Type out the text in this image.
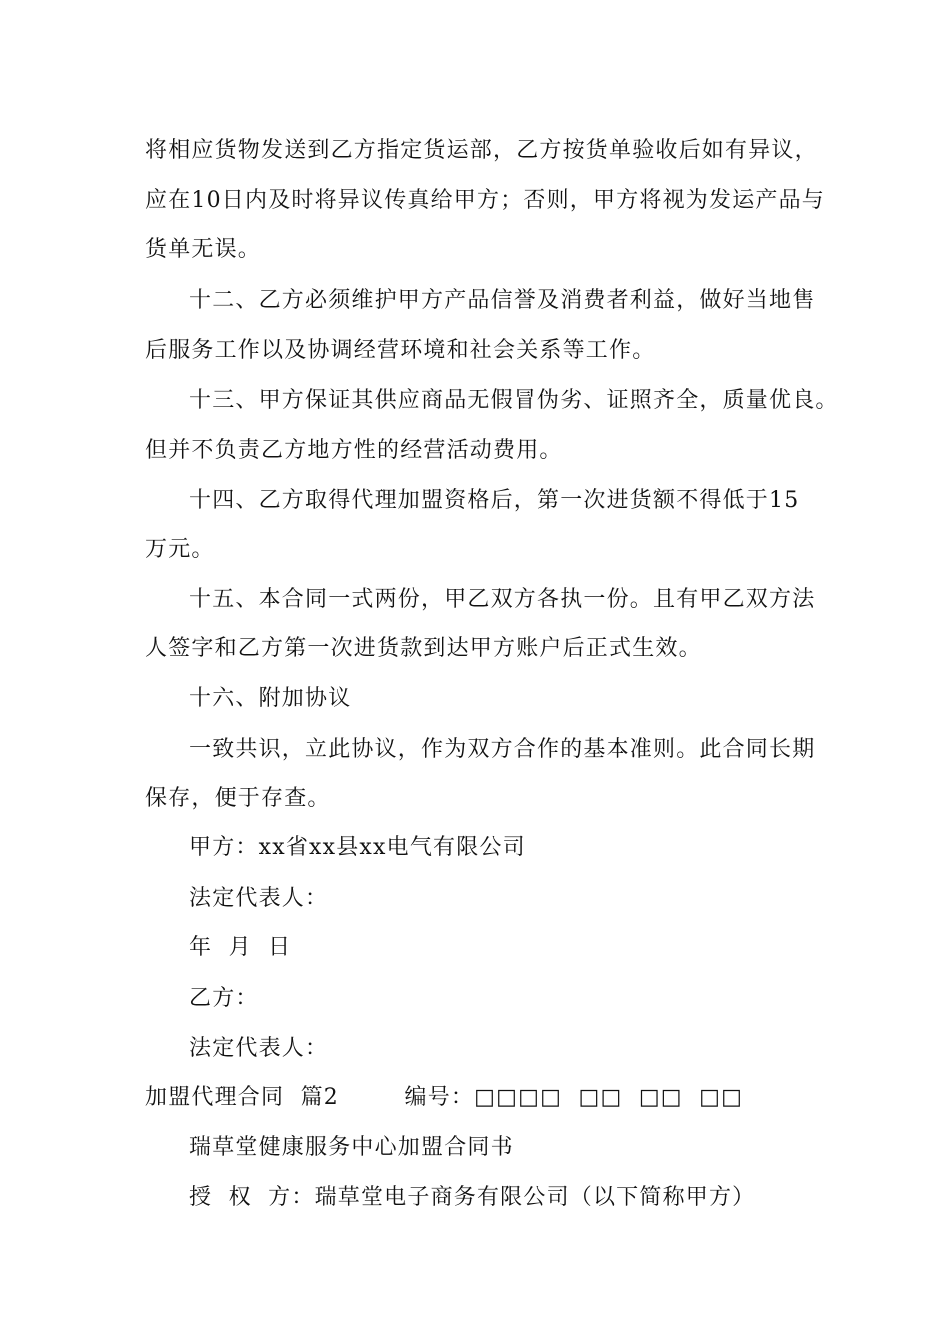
将相应货物发送到乙方指定货运部，乙方按货单验收后如有异议，
应在10日内及时将异议传真给甲方；否则，甲方将视为发运产品与
货单无误。
十二、乙方必须维护甲方产品信誉及消费者利益，做好当地售
后服务工作以及协调经营环境和社会关系等工作。
十三、甲方保证其供应商品无假冒伪劣、证照齐全，质量优良。
但并不负责乙方地方性的经营活动费用。
十四、乙方取得代理加盟资格后，第一次进货额不得低于15
万元。
十五、本合同一式两份，甲乙双方各执一份。且有甲乙双方法
人签字和乙方第一次进货款到达甲方账户后正式生效。
十六、附加协议
一致共识，立此协议，作为双方合作的基本准则。此合同长期
保存，便于存查。
甲方：xx省xx县xx电气有限公司
法定代表人：
年  月  日
乙方：
法定代表人：
加盟代理合同  篇2        编号：□□□□  □□  □□  □□
瑞草堂健康服务中心加盟合同书
授  权  方：瑞草堂电子商务有限公司（以下简称甲方）
